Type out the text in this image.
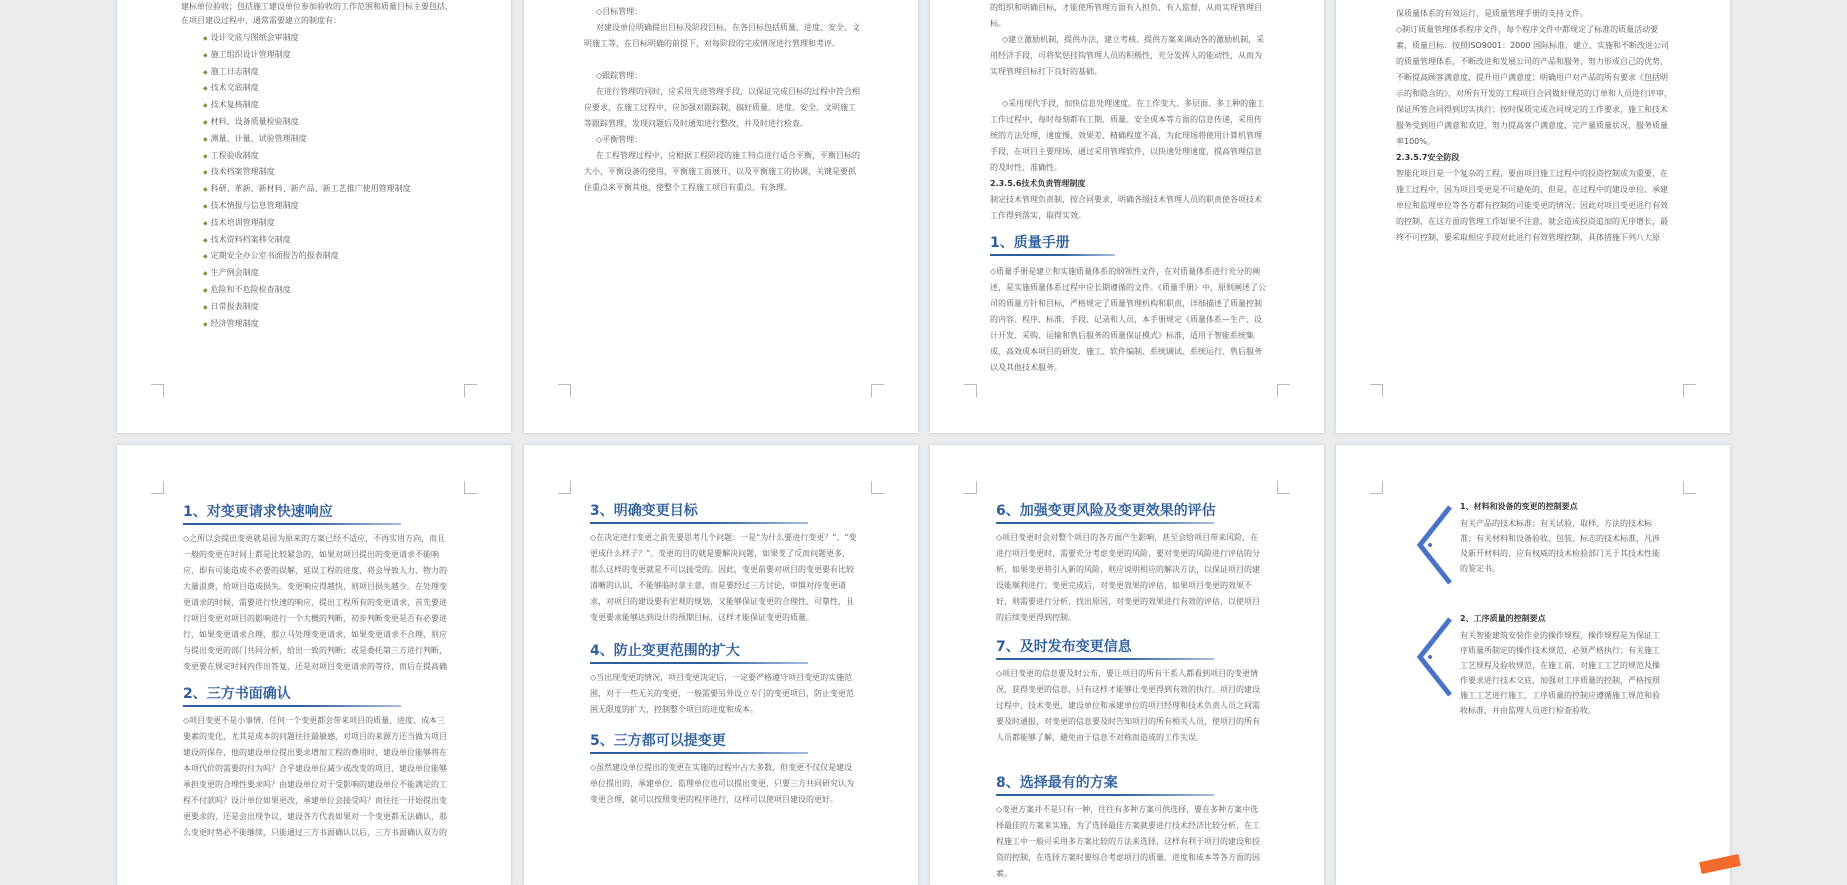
建标单位验收；包括施工建设单位参加验收的工作范围和质量目标主要包括，在项目建设过程中，通常需要建立的制度有：

◆ 设计交底与图纸会审制度
◆ 施工组织设计管理制度
◆ 施工日志制度
◆ 技术交底制度
◆ 技术复核制度
◆ 材料、设备质量检验制度
◆ 测量、计量、试验管理制度
◆ 工程验收制度
◆ 技术档案管理制度
◆ 科研、革新、新材料、新产品、新工艺推广使用管理制度
◆ 技术情报与信息管理制度
◆ 技术培训管理制度
◆ 技术资料档案移交制度
◆ 定期安全办公室书面报告的报表制度
◆ 生产例会制度
◆ 危险和不危险检查制度
◆ 日常报表制度
◆ 经济管理制度

◇目标管理：

对建设单位明确提出目标及阶段目标，在各目标包括质量、进度、安全、文明施工等，在目标明确的前提下，对每阶段的完成情况进行管理和考评。

◇跟踪管理：

在进行管理的同时，应采用先进管理手段，以保证完成目标的过程中符合相应要求，在施工过程中，应加强对跟踪制，搞好质量、进度、安全、文明施工等跟踪管理，发现问题后及时通知进行整改，并及时进行检查。

◇平衡管理：

在工程管理过程中，应根据工程阶段的施工特点进行适合平衡，平衡目标的大小，平衡设备的使用，平衡施工面展开，以及平衡施工的协调，关键是要抓住重点来平衡其他，使整个工程施工项目有重点、有条理。

的组织和明确目标，才能使所管理方面有人担负、有人监督，从而实现管理目标。

◇建立激励机制，提供办法，建立考核、提供方案来调动各的激励机制，采用经济手段，可将奖惩挂钩管理人员的积极性，充分发挥人的能动性，从而为实现管理目标打下良好的基础。

◇采用现代手段，加快信息处理速度。在工作变大、多层面、多工种的施工工作过程中，每时每刻都有工期、质量、安全成本等方面的信息传递，采用传统的方法处理，速度慢、效果差、精确程度不高，为此现场将使用计算机管理手段，在项目主要现场，通过采用管理软件，以快速处理速度，提高管理信息的及时性、准确性。

2.3.5.6技术负责管理制度

制定技术管理负责制，按合同要求，明确各级技术管理人员的职责使各项技术工作得到落实，取得实效。

1、质量手册

◇质量手册是建立和实施质量体系的纲领性文件，在对质量体系进行充分的阐述，是实施质量体系过程中应长期遵循的文件。《质量手册》中，原则阐述了公司的质量方针和目标，严格规定了质量管理机构和职责，详细描述了质量控制的内容、程序、标准、手段、记录和人员，本手册规定《质量体系—生产、设计开发、采购、运输和售后服务的质量保证模式》标准，适用于智能系统集成、高效成本项目的研发、施工、软件编制、系统调试、系统运行、售后服务以及其他技术服务。

保质量体系的有效运行，是质量管理手册的支持文件。

◇制订质量管理体系程序文件，每个程序文件中都规定了标准的质量活动要素，质量目标：按照ISO9001：2000 国际标准，建立、实施和不断改进公司的质量管理体系，不断改进和发展公司的产品和服务，努力形成自己的优势，不断提高顾客满意度，提升用户满意度；明确用户对产品的所有要求《包括明示的和隐含的》，对所有开发的工程项目合同做好规范的订单和人员进行评审，保证所签合同得到切实执行；按时保质完成合同规定的工作要求，施工和技术服务受到用户满意和欢迎，努力提高客户满意度，完产量质量状况，服务质量率100%。

2.3.5.7安全防段

智能化项目是一个复杂的工程，要由项目施工过程中的投资控制成为重要，在施工过程中，因为项目变更是不可避免的，但是，在过程中的建设单位、承建单位和监理单位等各方都有控制的可能变更的情况；因此对项目变更进行有效的控制，在这方面的管理工作如果不注意，就会造成投资追加的无序增长，最终不可控制，要采取相应手段对此进行有效管理控制，具体措施下列八大原

1、对变更请求快速响应

◇之所以会提出变更就是因为原来的方案已经不适应，不再实用方向，而且一般的变更在时间上都是比较紧急的，如果对项目提出的变更请求不能响应，即有可能造成不必要的误解，延误工程的进度，将会导致人力、物力的大量浪费，给项目造成损失。变更响应得越快，则项目损失越少。在处理变更请求的时候，需要进行快速的响应，提出工程所有的变更请求，首先要进行项目变更对项目的影响进行一个大概的判断，初步判断变更是否有必要进行，如果变更请求合理，那立马处理变更请求，如果变更请求不合理，则应与提出变更的部门共同分析，给出一致的判断；或是委托第三方进行判断，变更要在规定时间内作出答复，还是对项目变更请求的等待，而后在提高确

2、三方书面确认

◇项目变更不是小事情，任何一个变更都会带来项目的质量、进度、成本三要素的变化，尤其是成本的问题往往最敏感，对项目的来源方还当做为项目建设的保存，他的建设单位提出要求增加工程的费用时，建设单位能够将在本项代价的需要的付为吗？合乎建设单位减少或改变的项目，建设单位能够承担变更的合理性要求吗？由建设单位对于受影响的建设单位不能满足的工程不付款吗？设计单位如果更改，承建单位会接受吗？而往往一开始提出变更要求的，还是会出现争议，建设各方代表如果对一个变更都无法确认，那么变更时势必不能继续，只能通过三方书面确认以后，三方书面确认双方的

3、明确变更目标

◇在决定进行变更之前先要思考几个问题：一是“为什么要进行变更？”、“变更成什么样子？”。变更的目的就是要解决问题，如果变了反而问题更多，那么这样的变更就是不可以接受的。因此，变更前要对项目的变更要有比较清晰的认识，不能够临时拿主意，而是要经过三方讨论，审慎对待变更请求，对项目的建设要有宏观的规划，又能够保证变更的合理性、可靠性，且变更要求能够达到设计的预期目标，这样才能保证变更的质量。

4、防止变更范围的扩大

◇当出现变更的情况，项目变更决定后，一定要严格遵守项目变更的实施范围，对于一些无关的变更，一般需要另外设立专门的变更项目，防止变更范围无限度的扩大，控制整个项目的进度和成本。

5、三方都可以提变更

◇虽然建设单位提出的变更在实施的过程中占大多数，但变更不仅仅是建设单位提出的，承建单位、监理单位也可以提出变更，只要三方共同研究认为变更合理，就可以按照变更的程序进行，这样可以使项目建设的更好。

6、加强变更风险及变更效果的评估

◇项目变更时会对整个项目的各方面产生影响，甚至会给项目带来风险，在进行项目变更时，需要充分考虑变更的风险，要对变更的风险进行评估的分析，如果变更将引入新的风险，则应说明相应的解决方法，以保证项目的建设能顺利进行；变更完成后，对变更效果的评估，如果项目变更的效果不好，则需要进行分析，找出原因，对变更的效果进行有效的评估，以使项目的后续变更得到控制。

7、及时发布变更信息

◇项目变更的信息要及时公布，要让项目的所有干系人都看到项目的变更情况，获得变更的信息，只有这样才能够让变更得到有效的执行。项目的建设过程中，技术变更，建设单位和承建单位的项目经理和技术负责人员之间需要及时通报，对变更的信息要及时告知项目的所有相关人员，使项目的所有人员都能够了解，避免由于信息不对称而造成的工作失误。

8、选择最有的方案

◇变更方案并不是只有一种，往往有多种方案可供选择，要在多种方案中选择最佳的方案来实施，为了选择最佳方案就要进行技术经济比较分析，在工程施工中一般可采用多方案比较的方法来选择，这样有利于项目的建设和投资的控制，在选择方案时要综合考虑项目的质量、进度和成本等各方面的因素。

1、材料和设备的变更的控制要点

有关产品的技术标准；有关试验、取样、方法的技术标准；有关材料和设备验收、包装、标志的技术标准，凡涉及新开材料的，应有权威的技术检验部门关于其技术性能的鉴定书。

2、工序质量的控制要点

有关智能建筑安装作业的操作规程，操作规程是为保证工序质量所制定的操作技术规范，必须严格执行；有关施工工艺规程及验收规范，在施工前，对施工工艺的规范及操作要求进行技术交底，加强对工序质量的控制，严格按照施工工艺进行施工，工序质量的控制应遵循施工规范和验收标准，并由监理人员进行检查验收。
